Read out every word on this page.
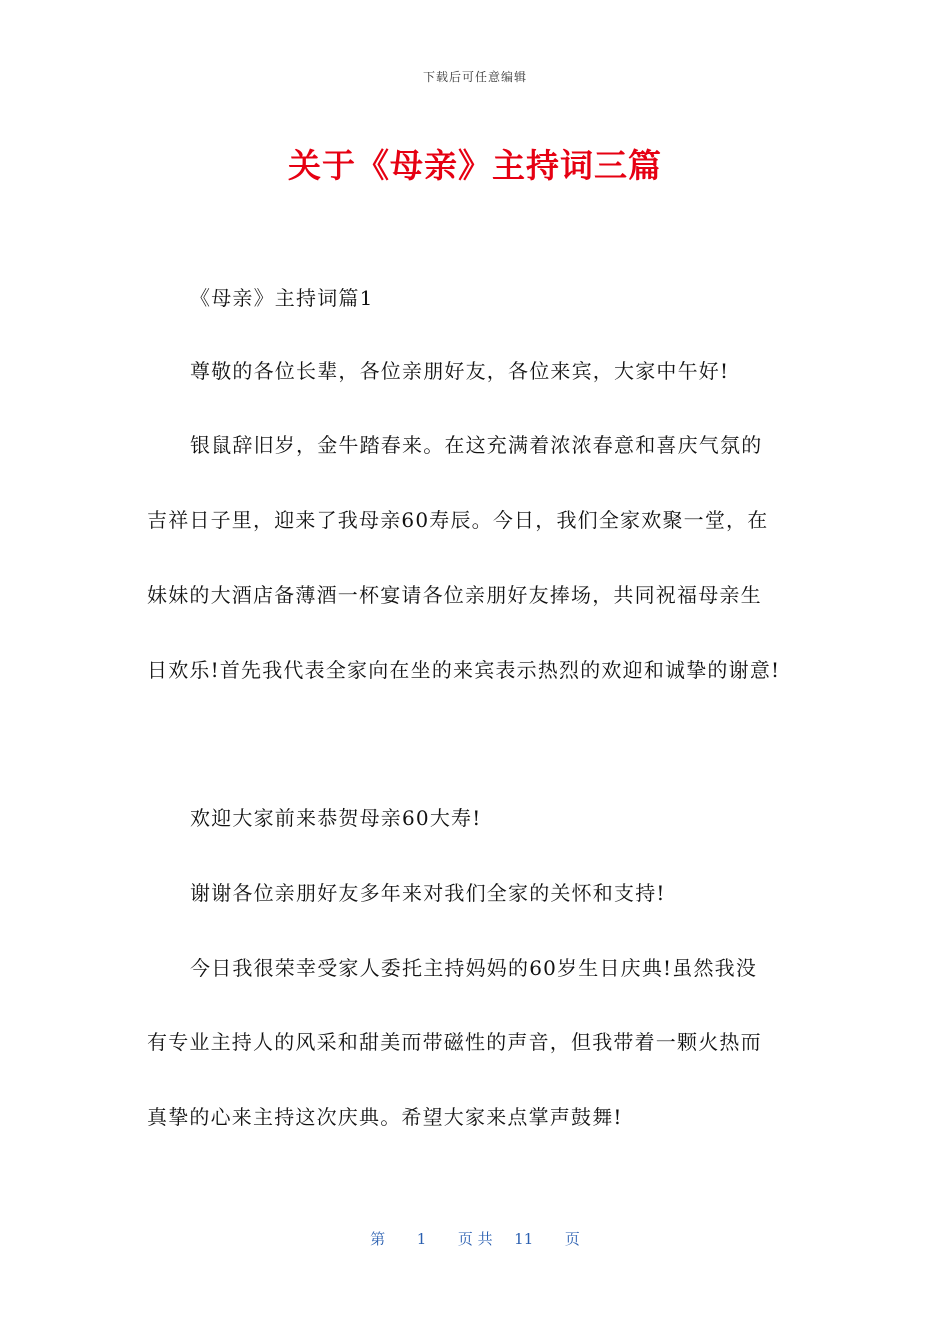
下载后可任意编辑
关于《母亲》主持词三篇
《母亲》主持词篇1
尊敬的各位长辈，各位亲朋好友，各位来宾，大家中午好!
银鼠辞旧岁，金牛踏春来。在这充满着浓浓春意和喜庆气氛的
吉祥日子里，迎来了我母亲60寿辰。今日，我们全家欢聚一堂，在
妹妹的大酒店备薄酒一杯宴请各位亲朋好友捧场，共同祝福母亲生
日欢乐!首先我代表全家向在坐的来宾表示热烈的欢迎和诚挚的谢意!
欢迎大家前来恭贺母亲60大寿!
谢谢各位亲朋好友多年来对我们全家的关怀和支持!
今日我很荣幸受家人委托主持妈妈的60岁生日庆典!虽然我没
有专业主持人的风采和甜美而带磁性的声音，但我带着一颗火热而
真挚的心来主持这次庆典。希望大家来点掌声鼓舞!
第 1 页 共 11 页
